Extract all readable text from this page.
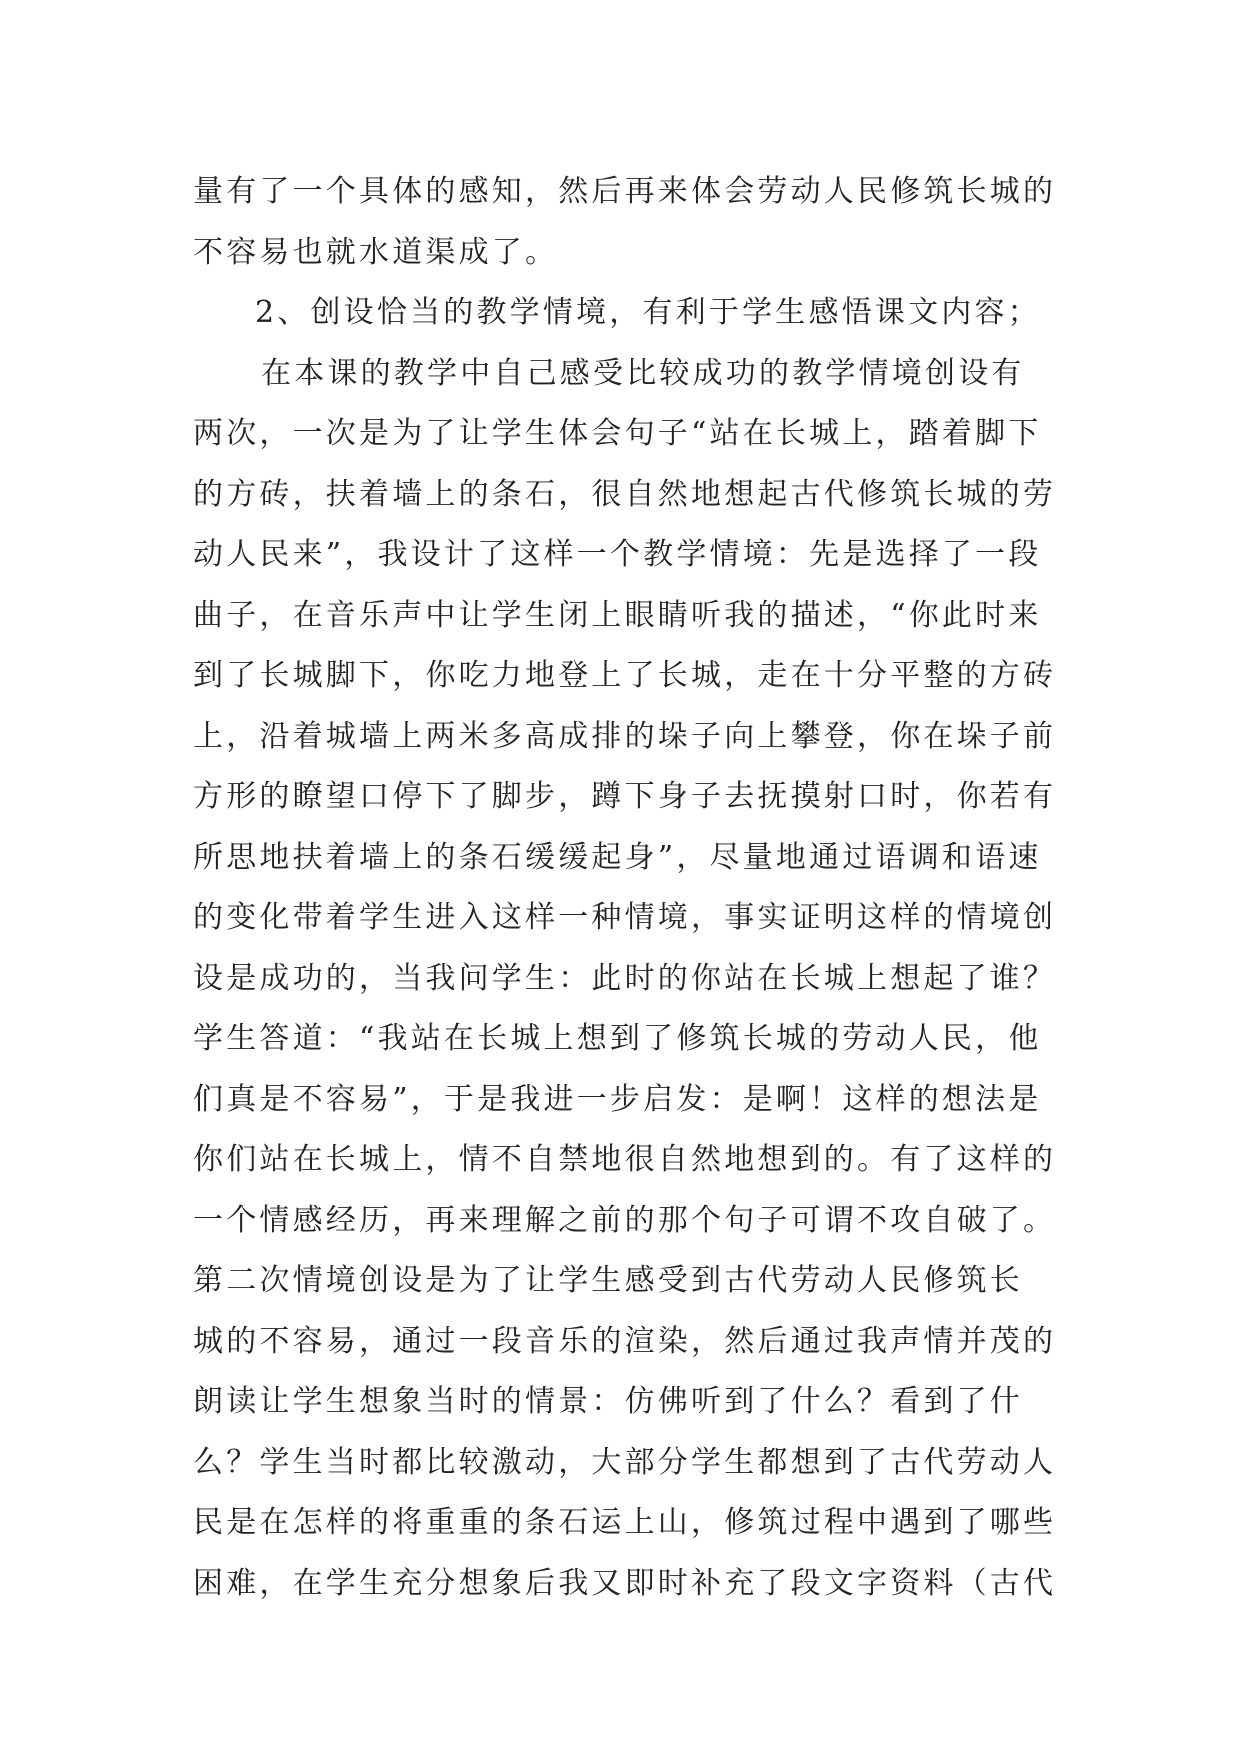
量有了一个具体的感知，然后再来体会劳动人民修筑长城的
不容易也就水道渠成了。
2、创设恰当的教学情境，有利于学生感悟课文内容；
在本课的教学中自己感受比较成功的教学情境创设有
两次，一次是为了让学生体会句子“站在长城上，踏着脚下
的方砖，扶着墙上的条石，很自然地想起古代修筑长城的劳
动人民来”，我设计了这样一个教学情境：先是选择了一段
曲子，在音乐声中让学生闭上眼睛听我的描述，“你此时来
到了长城脚下，你吃力地登上了长城，走在十分平整的方砖
上，沿着城墙上两米多高成排的垛子向上攀登，你在垛子前
方形的瞭望口停下了脚步，蹲下身子去抚摸射口时，你若有
所思地扶着墙上的条石缓缓起身”，尽量地通过语调和语速
的变化带着学生进入这样一种情境，事实证明这样的情境创
设是成功的，当我问学生：此时的你站在长城上想起了谁？
学生答道：“我站在长城上想到了修筑长城的劳动人民，他
们真是不容易”，于是我进一步启发：是啊！这样的想法是
你们站在长城上，情不自禁地很自然地想到的。有了这样的
一个情感经历，再来理解之前的那个句子可谓不攻自破了。
第二次情境创设是为了让学生感受到古代劳动人民修筑长
城的不容易，通过一段音乐的渲染，然后通过我声情并茂的
朗读让学生想象当时的情景：仿佛听到了什么？看到了什
么？学生当时都比较激动，大部分学生都想到了古代劳动人
民是在怎样的将重重的条石运上山，修筑过程中遇到了哪些
困难，在学生充分想象后我又即时补充了段文字资料（古代
